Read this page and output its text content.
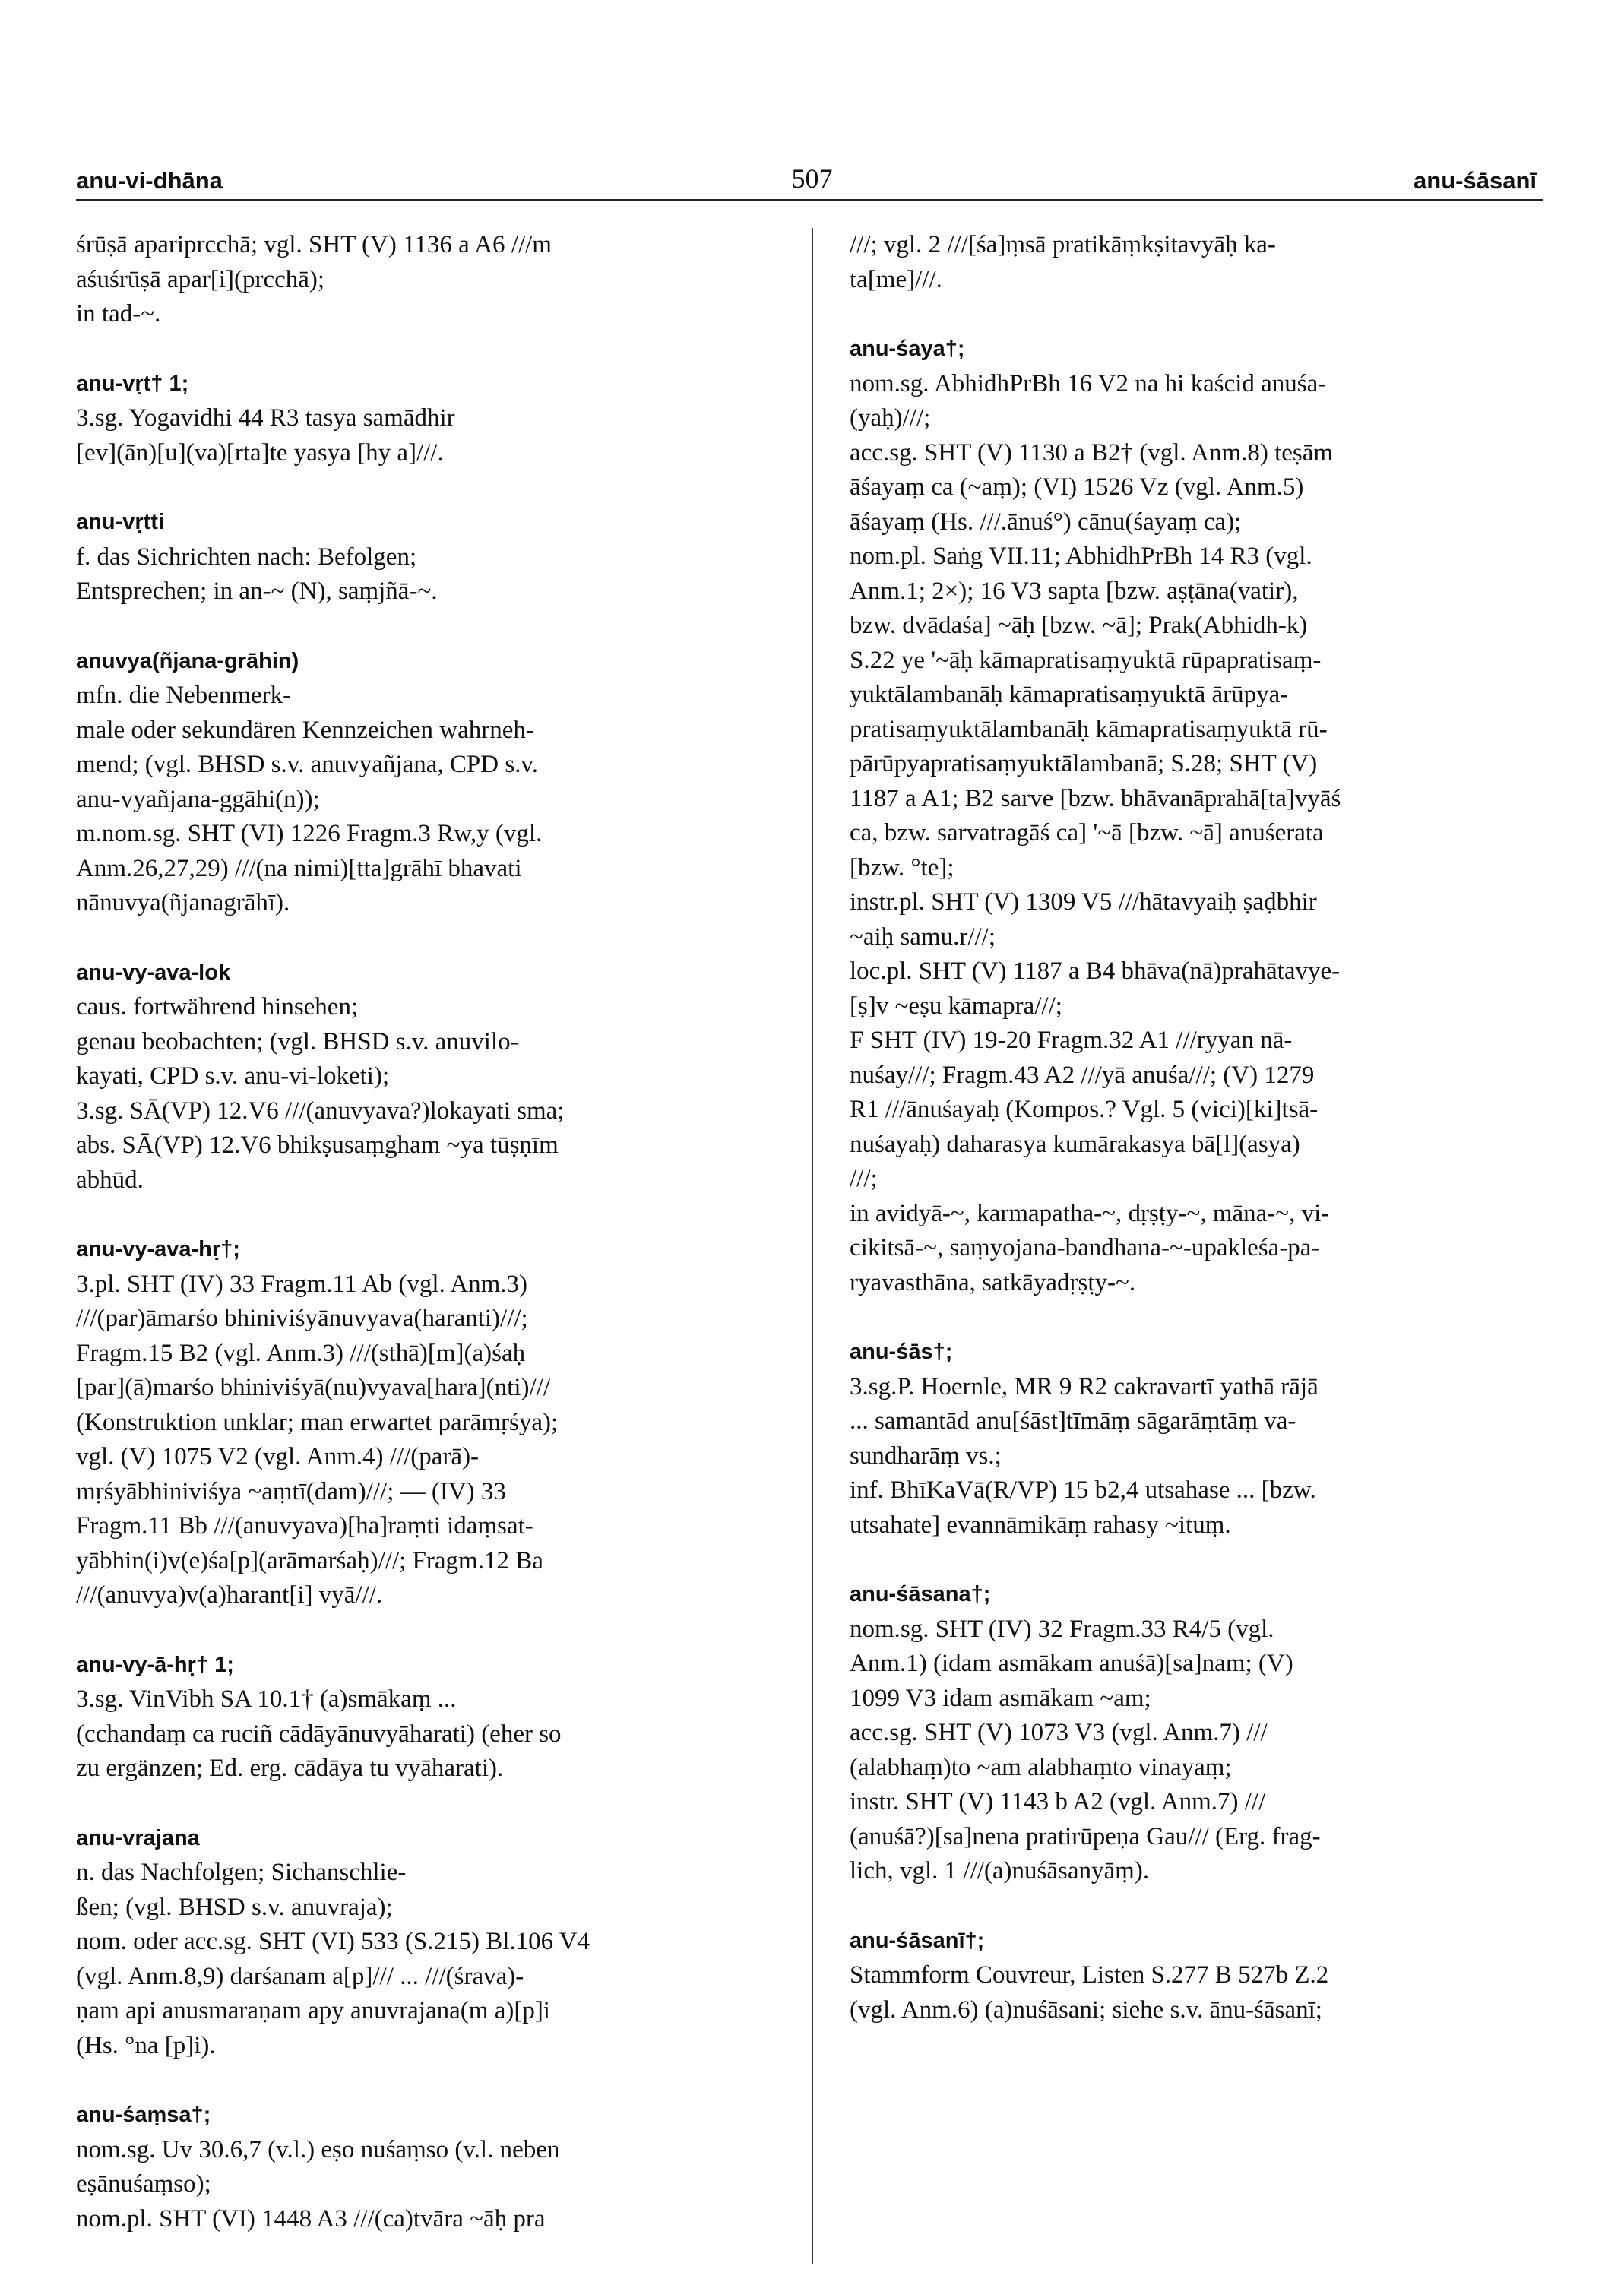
anu-vi-dhāna	507	anu-śāsanī
śrūṣā apariprcchā; vgl. SHT (V) 1136 a A6 ///m
aśuśrūṣā apar[i](prcchā);
in tad-~.
anu-vṛt† 1;
3.sg. Yogavidhi 44 R3 tasya samādhir
[ev](ān)[u](va)[rta]te yasya [hy a]///.
anu-vṛtti
f. das Sichrichten nach: Befolgen;
Entsprechen; in an-~ (N), saṃjñā-~.
anuvya(ñjana-grāhin)
mfn. die Nebenmerk-
male oder sekundären Kennzeichen wahrneh-
mend; (vgl. BHSD s.v. anuvyañjana, CPD s.v.
anu-vyañjana-ggāhi(n));
m.nom.sg. SHT (VI) 1226 Fragm.3 Rw,y (vgl.
Anm.26,27,29) ///(na nimi)[tta]grāhī bhavati
nānuvya(ñjanagrāhī).
anu-vy-ava-lok
caus. fortwährend hinsehen;
genau beobachten; (vgl. BHSD s.v. anuvilo-
kayati, CPD s.v. anu-vi-loketi);
3.sg. SĀ(VP) 12.V6 ///(anuvyava?)lokayati sma;
abs. SĀ(VP) 12.V6 bhikṣusaṃgham ~ya tūṣṇīm
abhūd.
anu-vy-ava-hṛ†;
3.pl. SHT (IV) 33 Fragm.11 Ab (vgl. Anm.3)
///(par)āmarśo bhiniviśyānuvyava(haranti)///;
Fragm.15 B2 (vgl. Anm.3) ///(sthā)[m](a)śaḥ
[par](ā)marśo bhiniviśyā(nu)vyava[hara](nti)///
(Konstruktion unklar; man erwartet parāmṛśya);
vgl. (V) 1075 V2 (vgl. Anm.4) ///(parā)-
mṛśyābhiniviśya ~aṃtī(dam)///; — (IV) 33
Fragm.11 Bb ///(anuvyava)[ha]raṃti idaṃsat-
yābhin(i)v(e)śa[p](arāmarśaḥ)///; Fragm.12 Ba
///(anuvya)v(a)harant[i] vyā///.
anu-vy-ā-hṛ† 1;
3.sg. VinVibh SA 10.1† (a)smākaṃ ...
(cchandaṃ ca ruciñ cādāyānuvyāharati) (eher so
zu ergänzen; Ed. erg. cādāya tu vyāharati).
anu-vrajana
n. das Nachfolgen; Sichanschlie-
ßen; (vgl. BHSD s.v. anuvraja);
nom. oder acc.sg. SHT (VI) 533 (S.215) Bl.106 V4
(vgl. Anm.8,9) darśanam a[p]/// ... ///(śrava)-
ṇam api anusmaraṇam apy anuvrajana(m a)[p]i
(Hs. °na [p]i).
anu-śaṃsa†;
nom.sg. Uv 30.6,7 (v.l.) eṣo nuśaṃso (v.l. neben
eṣānuśaṃso);
nom.pl. SHT (VI) 1448 A3 ///(ca)tvāra ~āḥ pra
///; vgl. 2 ///[śa]ṃsā pratikāṃkṣitavyāḥ ka-
ta[me]///.
anu-śaya†;
nom.sg. AbhidhPrBh 16 V2 na hi kaścid anuśa-
(yaḥ)///;
acc.sg. SHT (V) 1130 a B2† (vgl. Anm.8) teṣām
āśayaṃ ca (~aṃ); (VI) 1526 Vz (vgl. Anm.5)
āśayaṃ (Hs. ///.ānuś°) cānu(śayaṃ ca);
nom.pl. Saṅg VII.11; AbhidhPrBh 14 R3 (vgl.
Anm.1; 2×); 16 V3 sapta [bzw. aṣṭāna(vatir),
bzw. dvādaśa] ~āḥ [bzw. ~ā]; Prak(Abhidh-k)
S.22 ye '~āḥ kāmapratisaṃyuktā rūpapratisaṃ-
yuktālambanāḥ kāmapratisaṃyuktā ārūpya-
pratisaṃyuktālambanāḥ kāmapratisaṃyuktā rū-
pārūpyapratisaṃyuktālambanā; S.28; SHT (V)
1187 a A1; B2 sarve [bzw. bhāvanāprahā[ta]vyāś
ca, bzw. sarvatragāś ca] '~ā [bzw. ~ā] anuśerata
[bzw. °te];
instr.pl. SHT (V) 1309 V5 ///hātavyaiḥ ṣaḍbhir
~aiḥ samu.r///;
loc.pl. SHT (V) 1187 a B4 bhāva(nā)prahātavye-
[ṣ]v ~eṣu kāmapra///;
F SHT (IV) 19-20 Fragm.32 A1 ///ryyan nā-
nuśay///; Fragm.43 A2 ///yā anuśa///; (V) 1279
R1 ///ānuśayaḥ (Kompos.? Vgl. 5 (vici)[ki]tsā-
nuśayaḥ) daharasya kumārakasya bā[l](asya)
///;
in avidyā-~, karmapatha-~, dṛṣṭy-~, māna-~, vi-
cikitsā-~, saṃyojana-bandhana-~-upakleśa-pa-
ryavasthāna, satkāyadṛṣṭy-~.
anu-śās†;
3.sg.P. Hoernle, MR 9 R2 cakravartī yathā rājā
... samantād anu[śāst]tīmāṃ sāgarāṃtāṃ va-
sundharāṃ vs.;
inf. BhīKaVā(R/VP) 15 b2,4 utsahase ... [bzw.
utsahate] evannāmikāṃ rahasy ~ituṃ.
anu-śāsana†;
nom.sg. SHT (IV) 32 Fragm.33 R4/5 (vgl.
Anm.1) (idam asmākam anuśā)[sa]nam; (V)
1099 V3 idam asmākam ~am;
acc.sg. SHT (V) 1073 V3 (vgl. Anm.7) ///
(alabhaṃ)to ~am alabhaṃto vinayaṃ;
instr. SHT (V) 1143 b A2 (vgl. Anm.7) ///
(anuśā?)[sa]nena pratirūpeṇa Gau/// (Erg. frag-
lich, vgl. 1 ///(a)nuśāsanyāṃ).
anu-śāsanī†;
Stammform Couvreur, Listen S.277 B 527b Z.2
(vgl. Anm.6) (a)nuśāsani; siehe s.v. ānu-śāsanī;
